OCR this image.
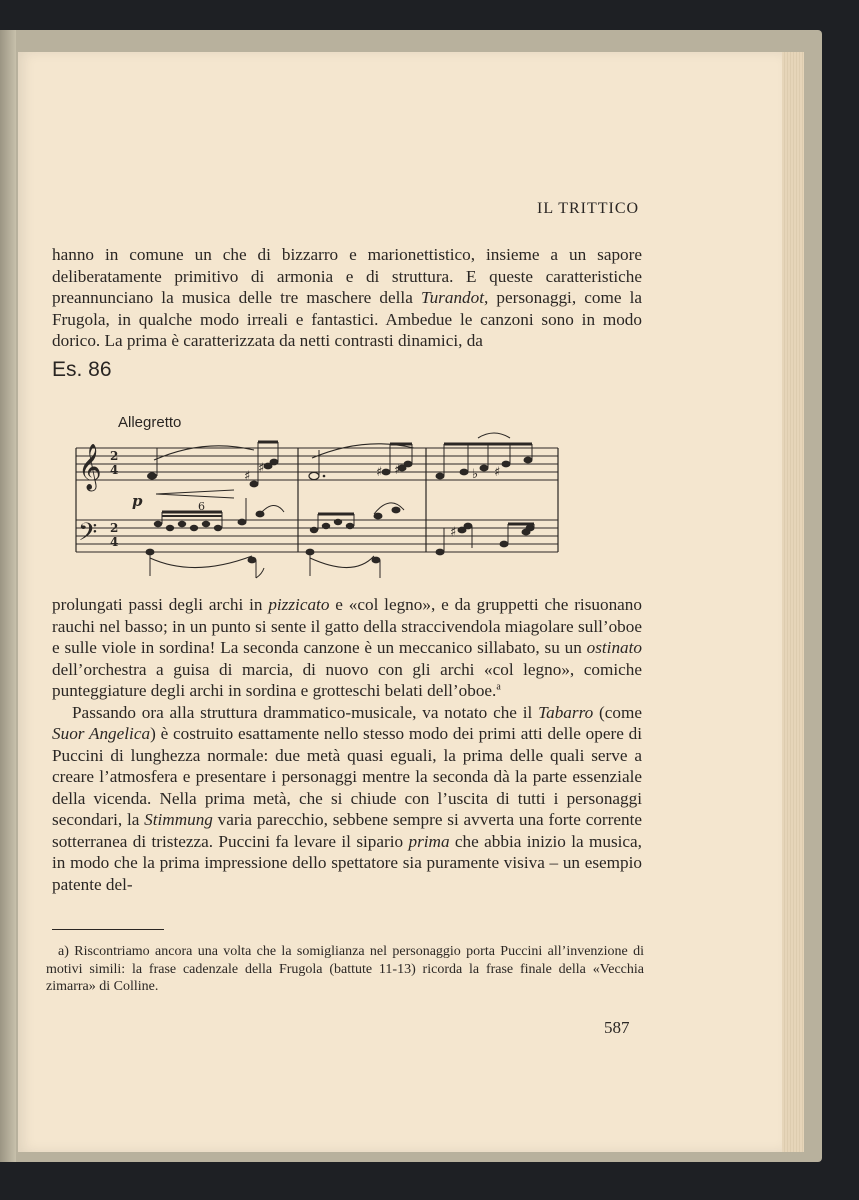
IL TRITTICO

hanno in comune un che di bizzarro e marionettistico, insieme a un sapore deliberatamente primitivo di armonia e di struttura. E queste caratteristiche preannunciano la musica delle tre maschere della Turandot, personaggi, come la Frugola, in qualche modo irreali e fantastici. Ambedue le canzoni sono in modo dorico. La prima è caratterizzata da netti contrasti dinamici, da

Es. 86
Allegretto
𝄞
𝄢
2
4
2
4
p	6
♯
♯	♯ ♯	♭ ♯
♯

prolungati passi degli archi in pizzicato e «col legno», e da gruppetti che risuonano rauchi nel basso; in un punto si sente il gatto della straccivendola miagolare sull’oboe e sulle viole in sordina! La seconda canzone è un meccanico sillabato, su un ostinato dell’orchestra a guisa di marcia, di nuovo con gli archi «col legno», comiche punteggiature degli archi in sordina e grotteschi belati dell’oboe.$^a$

Passando ora alla struttura drammatico-musicale, va notato che il Tabarro (come Suor Angelica) è costruito esattamente nello stesso modo dei primi atti delle opere di Puccini di lunghezza normale: due metà quasi eguali, la prima delle quali serve a creare l’atmosfera e presentare i personaggi mentre la seconda dà la parte essenziale della vicenda. Nella prima metà, che si chiude con l’uscita di tutti i personaggi secondari, la Stimmung varia parecchio, sebbene sempre si avverta una forte corrente sotterranea di tristezza. Puccini fa levare il sipario prima che abbia inizio la musica, in modo che la prima impressione dello spettatore sia puramente visiva – un esempio patente del-

a) Riscontriamo ancora una volta che la somiglianza nel personaggio porta Puccini all’invenzione di motivi simili: la frase cadenzale della Frugola (battute 11-13) ricorda la frase finale della «Vecchia zimarra» di Colline.

587
